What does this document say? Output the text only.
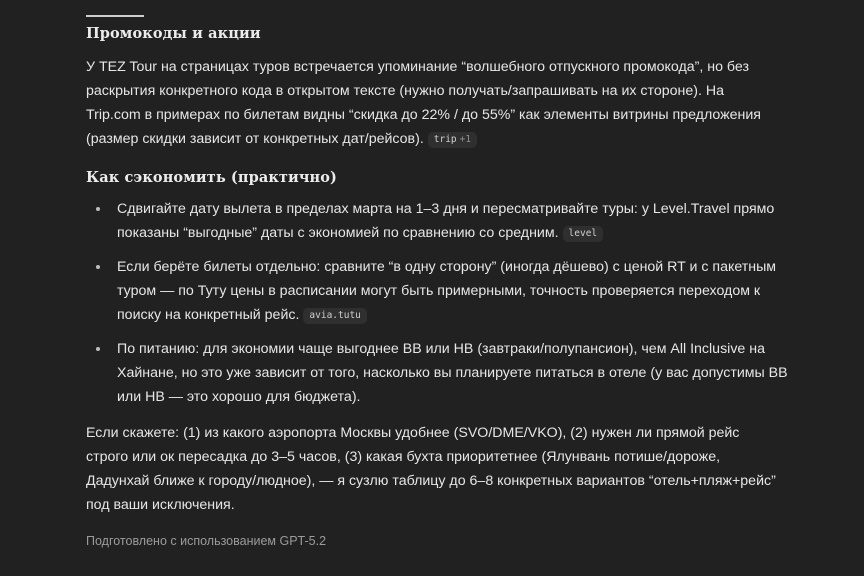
Промокоды и акции

У TEZ Tour на страницах туров встречается упоминание “волшебного отпускного промокода”, но без раскрытия конкретного кода в открытом тексте (нужно получать/запрашивать на их стороне). На Trip.com в примерах по билетам видны “скидка до 22% / до 55%” как элементы витрины предложения (размер скидки зависит от конкретных дат/рейсов). trip +1

Как сэкономить (практично)
Сдвигайте дату вылета в пределах марта на 1–3 дня и пересматривайте туры: у Level.Travel прямо показаны “выгодные” даты с экономией по сравнению со средним. level
Если берёте билеты отдельно: сравните “в одну сторону” (иногда дёшево) с ценой RT и с пакетным туром — по Туту цены в расписании могут быть примерными, точность проверяется переходом к поиску на конкретный рейс. avia.tutu
По питанию: для экономии чаще выгоднее BB или HB (завтраки/полупансион), чем All Inclusive на Хайнане, но это уже зависит от того, насколько вы планируете питаться в отеле (у вас допустимы BB или HB — это хорошо для бюджета).

Если скажете: (1) из какого аэропорта Москвы удобнее (SVO/DME/VKO), (2) нужен ли прямой рейс строго или ок пересадка до 3–5 часов, (3) какая бухта приоритетнее (Ялунвань потише/дороже, Дадунхай ближе к городу/людное), — я сузлю таблицу до 6–8 конкретных вариантов “отель+пляж+рейс” под ваши исключения.

Подготовлено с использованием GPT-5.2
